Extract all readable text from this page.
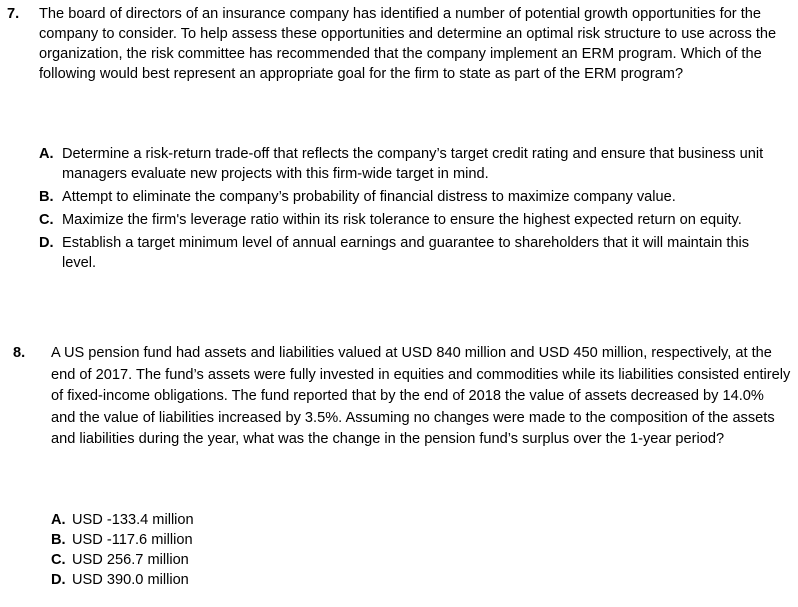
7. The board of directors of an insurance company has identified a number of potential growth opportunities for the company to consider. To help assess these opportunities and determine an optimal risk structure to use across the organization, the risk committee has recommended that the company implement an ERM program. Which of the following would best represent an appropriate goal for the firm to state as part of the ERM program?
A. Determine a risk-return trade-off that reflects the company’s target credit rating and ensure that business unit managers evaluate new projects with this firm-wide target in mind.
B. Attempt to eliminate the company’s probability of financial distress to maximize company value.
C. Maximize the firm's leverage ratio within its risk tolerance to ensure the highest expected return on equity.
D. Establish a target minimum level of annual earnings and guarantee to shareholders that it will maintain this level.
8. A US pension fund had assets and liabilities valued at USD 840 million and USD 450 million, respectively, at the end of 2017. The fund’s assets were fully invested in equities and commodities while its liabilities consisted entirely of fixed-income obligations. The fund reported that by the end of 2018 the value of assets decreased by 14.0% and the value of liabilities increased by 3.5%. Assuming no changes were made to the composition of the assets and liabilities during the year, what was the change in the pension fund’s surplus over the 1-year period?
A. USD -133.4 million
B. USD -117.6 million
C. USD 256.7 million
D. USD 390.0 million
